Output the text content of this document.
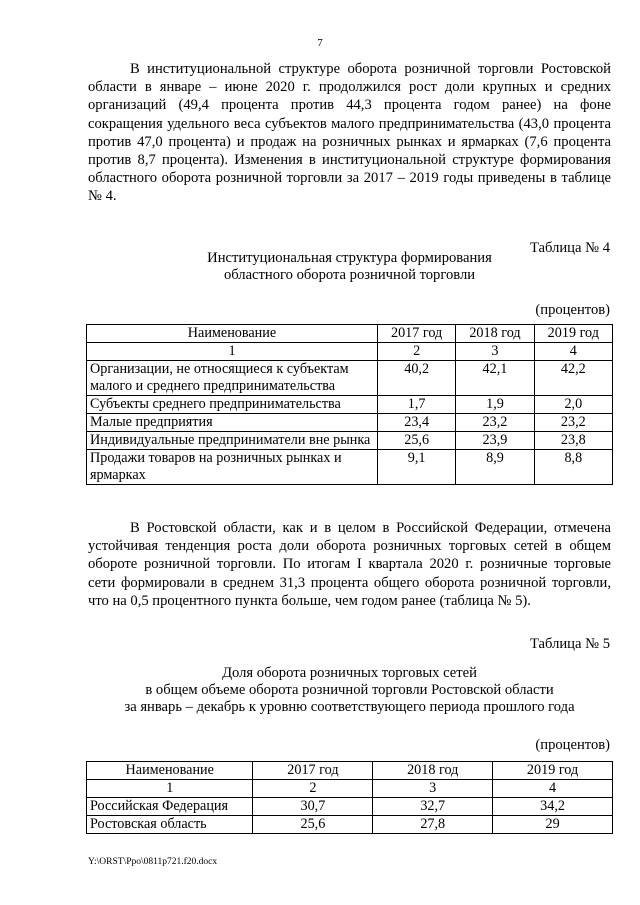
7

В институциональной структуре оборота розничной торговли Ростовской области в январе – июне 2020 г. продолжился рост доли крупных и средних организаций (49,4 процента против 44,3 процента годом ранее) на фоне сокращения удельного веса субъектов малого предпринимательства (43,0 процента против 47,0 процента) и продаж на розничных рынках и ярмарках (7,6 процента против 8,7 процента). Изменения в институциональной структуре формирования областного оборота розничной торговли за 2017 – 2019 годы приведены в таблице № 4.

Таблица № 4
Институциональная структура формирования
областного оборота розничной торговли
(процентов)
Наименование	2017 год	2018 год	2019 год
1	2	3	4
Организации, не относящиеся к субъектам малого и среднего предпринимательства	40,2	42,1	42,2
Субъекты среднего предпринимательства	1,7	1,9	2,0
Малые предприятия	23,4	23,2	23,2
Индивидуальные предприниматели вне рынка	25,6	23,9	23,8
Продажи товаров на розничных рынках и ярмарках	9,1	8,9	8,8

В Ростовской области, как и в целом в Российской Федерации, отмечена устойчивая тенденция роста доли оборота розничных торговых сетей в общем обороте розничной торговли. По итогам I квартала 2020 г. розничные торговые сети формировали в среднем 31,3 процента общего оборота розничной торговли, что на 0,5 процентного пункта больше, чем годом ранее (таблица № 5).

Таблица № 5
Доля оборота розничных торговых сетей
в общем объеме оборота розничной торговли Ростовской области
за январь – декабрь к уровню соответствующего периода прошлого года
(процентов)
Наименование	2017 год	2018 год	2019 год
1	2	3	4
Российская Федерация	30,7	32,7	34,2
Ростовская область	25,6	27,8	29
Y:\ORST\Ppo\0811p721.f20.docx
